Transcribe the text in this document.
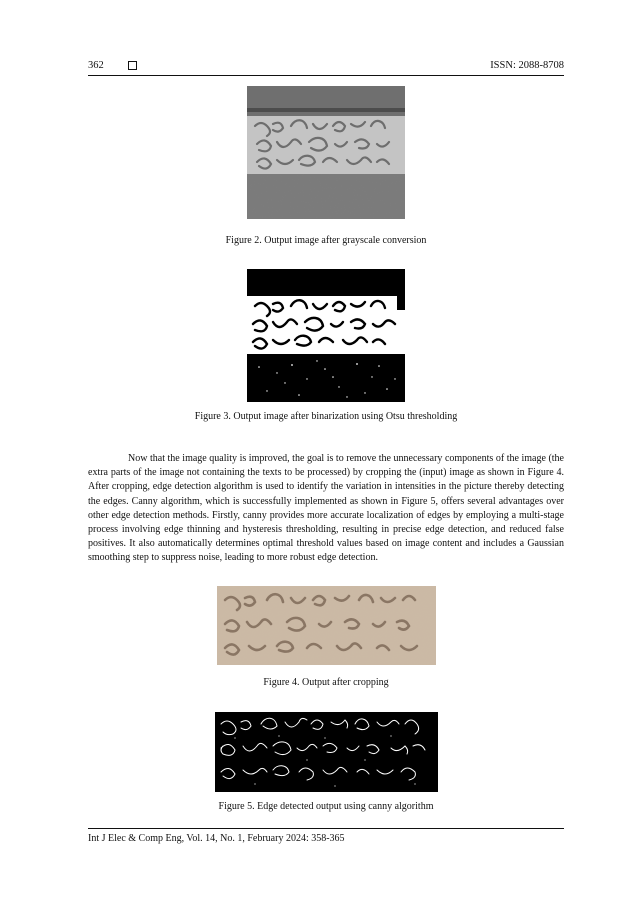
362	ISSN: 2088-8708
Figure 2. Output image after grayscale conversion
Figure 3. Output image after binarization using Otsu thresholding

Now that the image quality is improved, the goal is to remove the unnecessary components of the image (the extra parts of the image not containing the texts to be processed) by cropping the (input) image as shown in Figure 4. After cropping, edge detection algorithm is used to identify the variation in intensities in the picture thereby detecting the edges. Canny algorithm, which is successfully implemented as shown in Figure 5, offers several advantages over other edge detection methods. Firstly, canny provides more accurate localization of edges by employing a multi-stage process involving edge thinning and hysteresis thresholding, resulting in precise edge detection, and reduced false positives. It also automatically determines optimal threshold values based on image content and includes a Gaussian smoothing step to suppress noise, leading to more robust edge detection.

Figure 4. Output after cropping
Figure 5. Edge detected output using canny algorithm
Int J Elec & Comp Eng, Vol. 14, No. 1, February 2024: 358-365
